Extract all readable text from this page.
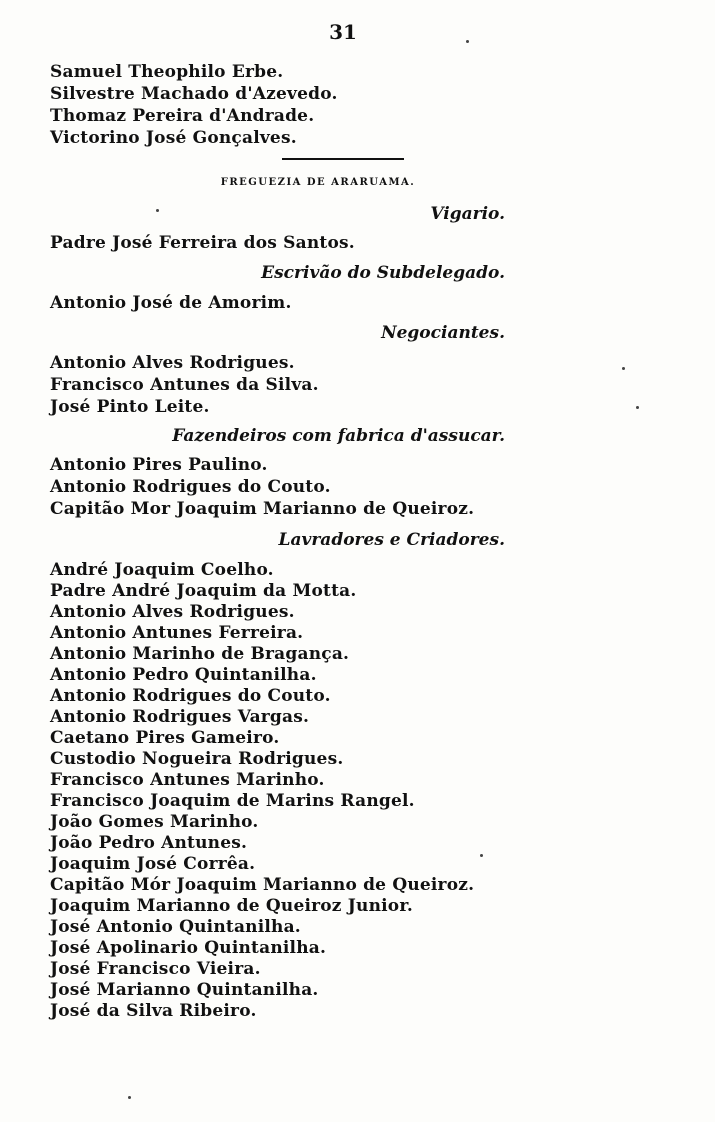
31
Samuel Theophilo Erbe.
Silvestre Machado d'Azevedo.
Thomaz Pereira d'Andrade.
Victorino José Gonçalves.
FREGUEZIA DE ARARUAMA.
Vigario.
Padre José Ferreira dos Santos.
Escrivão do Subdelegado.
Antonio José de Amorim.
Negociantes.
Antonio Alves Rodrigues.
Francisco Antunes da Silva.
José Pinto Leite.
Fazendeiros com fabrica d'assucar.
Antonio Pires Paulino.
Antonio Rodrigues do Couto.
Capitão Mor Joaquim Marianno de Queiroz.
Lavradores e Criadores.
André Joaquim Coelho.
Padre André Joaquim da Motta.
Antonio Alves Rodrigues.
Antonio Antunes Ferreira.
Antonio Marinho de Bragança.
Antonio Pedro Quintanilha.
Antonio Rodrigues do Couto.
Antonio Rodrigues Vargas.
Caetano Pires Gameiro.
Custodio Nogueira Rodrigues.
Francisco Antunes Marinho.
Francisco Joaquim de Marins Rangel.
João Gomes Marinho.
João Pedro Antunes.
Joaquim José Corrêa.
Capitão Mór Joaquim Marianno de Queiroz.
Joaquim Marianno de Queiroz Junior.
José Antonio Quintanilha.
José Apolinario Quintanilha.
José Francisco Vieira.
José Marianno Quintanilha.
José da Silva Ribeiro.
